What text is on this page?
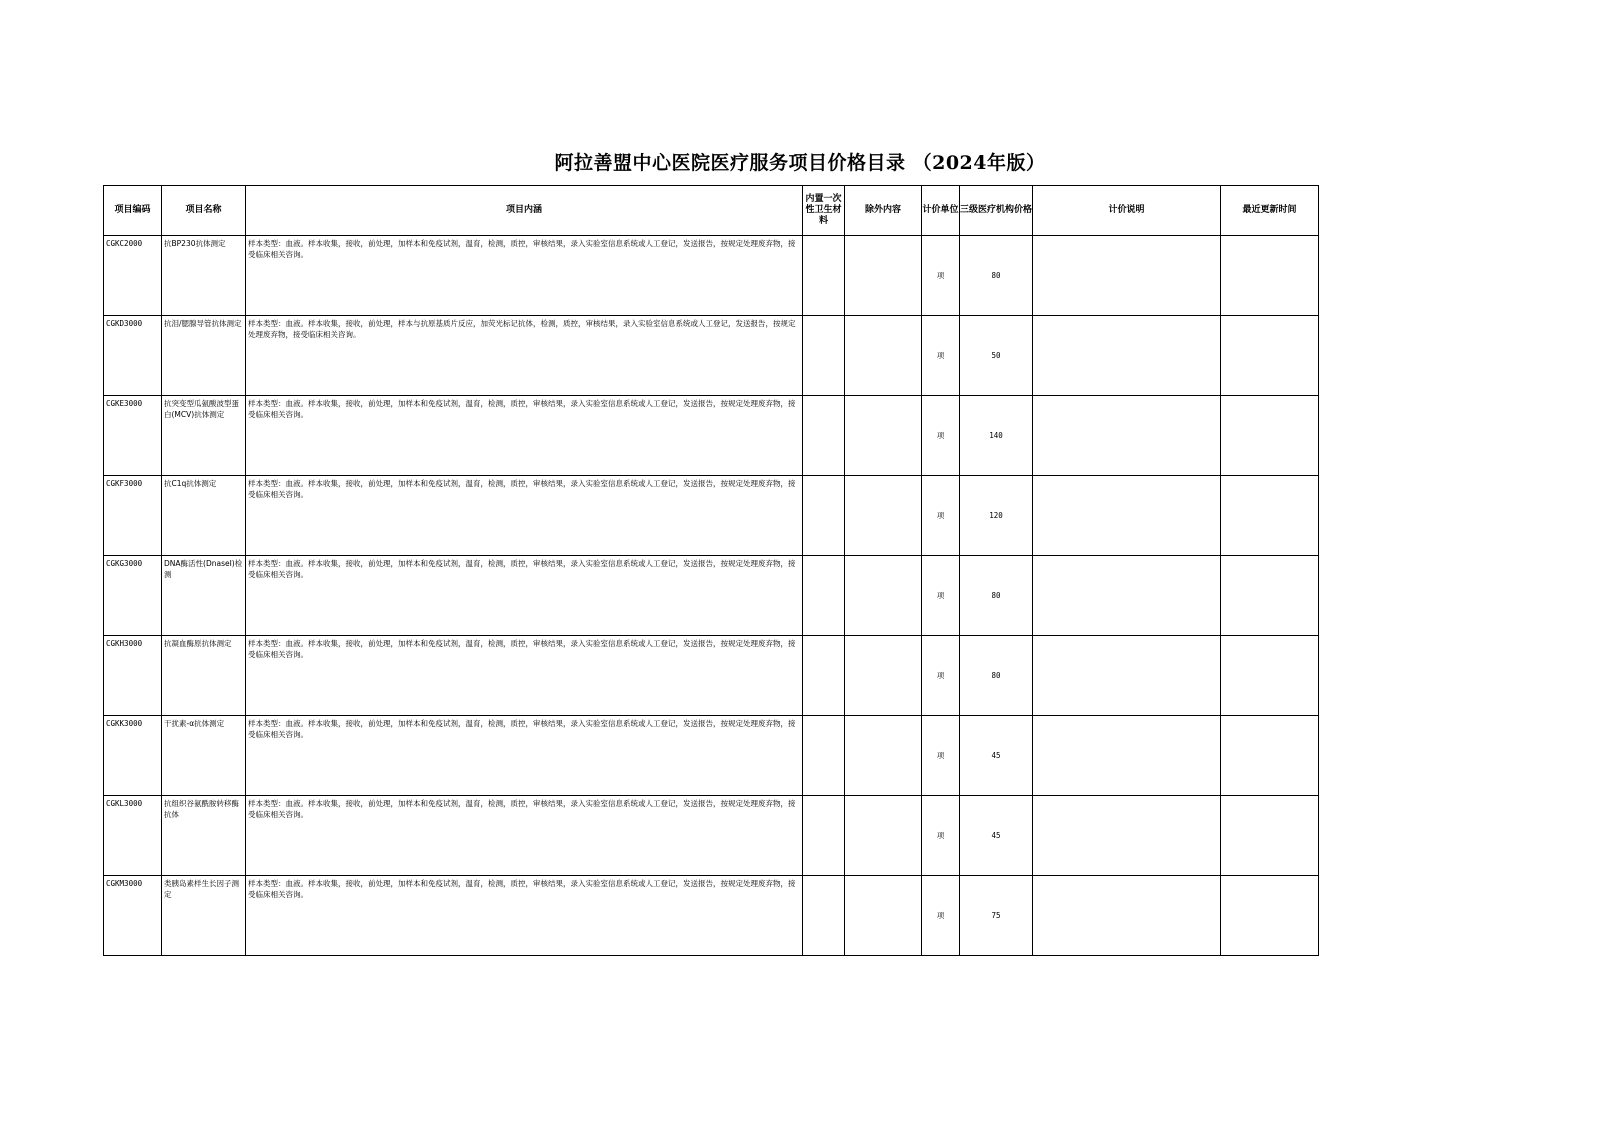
阿拉善盟中心医院医疗服务项目价格目录 （2024年版）
项目编码	项目名称	项目内涵	内置一次性卫生材料	除外内容	计价单位	三级医疗机构价格	计价说明	最近更新时间
CGKC2000	抗BP230抗体测定	样本类型：血液。样本收集，接收，前处理，加样本和免疫试剂，温育，检测，质控，审核结果，录入实验室信息系统或人工登记，发送报告，按规定处理废弃物，接受临床相关咨询。			项	80		
CGKD3000	抗泪/腮腺导管抗体测定	样本类型：血液。样本收集，接收，前处理，样本与抗原基质片反应，加荧光标记抗体，检测，质控，审核结果，录入实验室信息系统或人工登记，发送报告，按规定处理废弃物，接受临床相关咨询。			项	50		
CGKE3000	抗突变型瓜氨酸波型蛋白(MCV)抗体测定	样本类型：血液。样本收集，接收，前处理，加样本和免疫试剂，温育，检测，质控，审核结果，录入实验室信息系统或人工登记，发送报告，按规定处理废弃物，接受临床相关咨询。			项	140		
CGKF3000	抗C1q抗体测定	样本类型：血液。样本收集，接收，前处理，加样本和免疫试剂，温育，检测，质控，审核结果，录入实验室信息系统或人工登记，发送报告，按规定处理废弃物，接受临床相关咨询。			项	120		
CGKG3000	DNA酶活性(DnaseI)检测	样本类型：血液。样本收集，接收，前处理，加样本和免疫试剂，温育，检测，质控，审核结果，录入实验室信息系统或人工登记，发送报告，按规定处理废弃物，接受临床相关咨询。			项	80		
CGKH3000	抗凝血酶原抗体测定	样本类型：血液。样本收集，接收，前处理，加样本和免疫试剂，温育，检测，质控，审核结果，录入实验室信息系统或人工登记，发送报告，按规定处理废弃物，接受临床相关咨询。			项	80		
CGKK3000	干扰素-α抗体测定	样本类型：血液。样本收集，接收，前处理，加样本和免疫试剂，温育，检测，质控，审核结果，录入实验室信息系统或人工登记，发送报告，按规定处理废弃物，接受临床相关咨询。			项	45		
CGKL3000	抗组织谷氨酰胺转移酶抗体	样本类型：血液。样本收集，接收，前处理，加样本和免疫试剂，温育，检测，质控，审核结果，录入实验室信息系统或人工登记，发送报告，按规定处理废弃物，接受临床相关咨询。			项	45		
CGKM3000	类胰岛素样生长因子测定	样本类型：血液。样本收集，接收，前处理，加样本和免疫试剂，温育，检测，质控，审核结果，录入实验室信息系统或人工登记，发送报告，按规定处理废弃物，接受临床相关咨询。			项	75		
